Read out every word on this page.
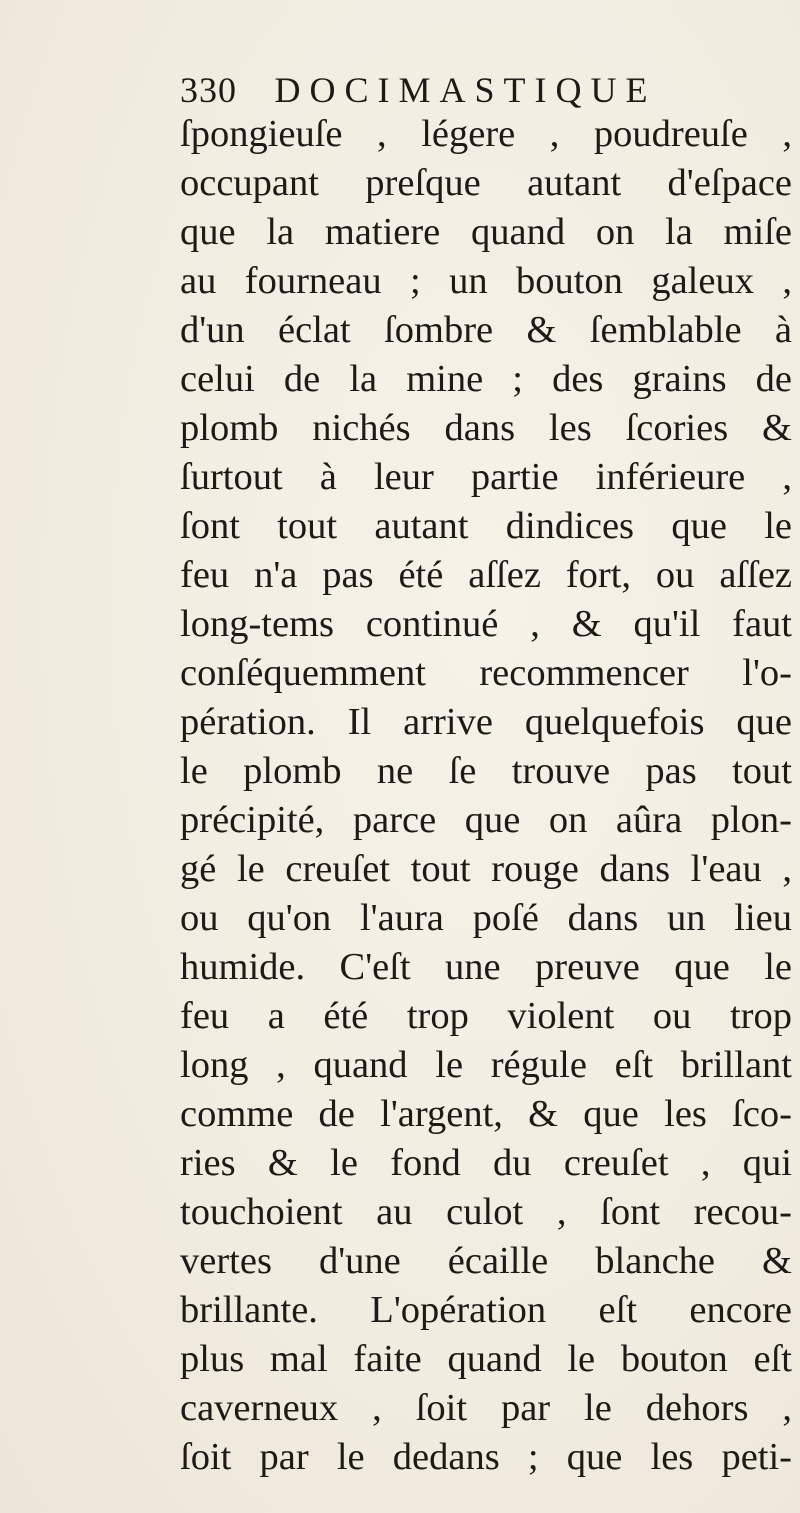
330 DOCIMASTIQUE
ſpongieuſe , légere , poudreuſe ,
occupant preſque autant d'eſpace
que la matiere quand on la miſe
au fourneau ; un bouton galeux ,
d'un éclat ſombre & ſemblable à
celui de la mine ; des grains de
plomb nichés dans les ſcories &
ſurtout à leur partie inférieure ,
ſont tout autant dindices que le
feu n'a pas été aſſez fort, ou aſſez
long-tems continué , & qu'il faut
conſéquemment recommencer l'o-
pération. Il arrive quelquefois que
le plomb ne ſe trouve pas tout
précipité, parce que on aûra plon-
gé le creuſet tout rouge dans l'eau ,
ou qu'on l'aura poſé dans un lieu
humide. C'eſt une preuve que le
feu a été trop violent ou trop
long , quand le régule eſt brillant
comme de l'argent, & que les ſco-
ries & le fond du creuſet , qui
touchoient au culot , ſont recou-
vertes d'une écaille blanche &
brillante. L'opération eſt encore
plus mal faite quand le bouton eſt
caverneux , ſoit par le dehors ,
ſoit par le dedans ; que les peti-
